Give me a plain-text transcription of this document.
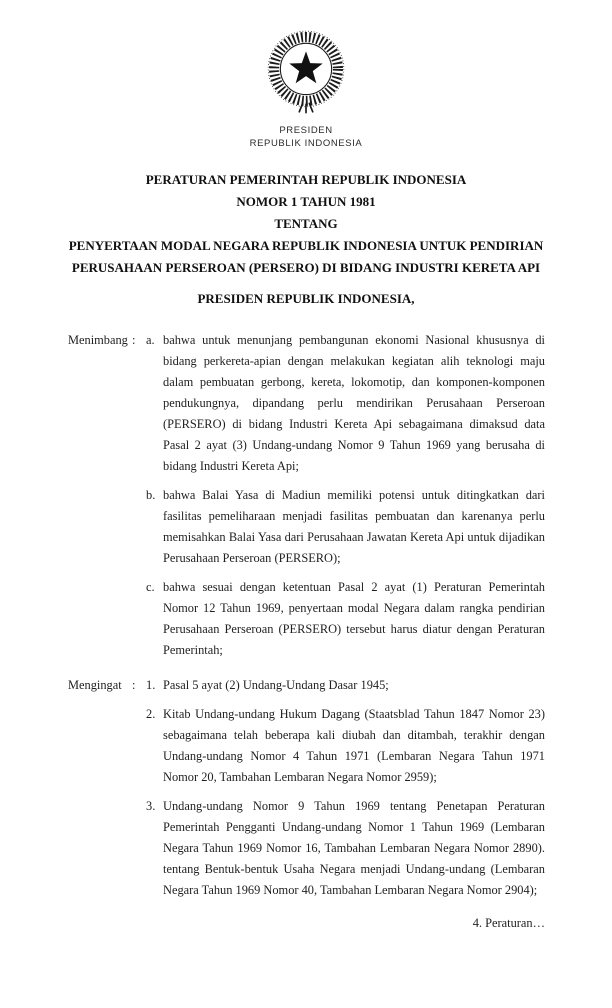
PRESIDEN
REPUBLIK INDONESIA
PERATURAN PEMERINTAH REPUBLIK INDONESIA
NOMOR 1 TAHUN 1981
TENTANG
PENYERTAAN MODAL NEGARA REPUBLIK INDONESIA UNTUK PENDIRIAN
PERUSAHAAN PERSEROAN (PERSERO) DI BIDANG INDUSTRI KERETA API
PRESIDEN REPUBLIK INDONESIA,
Menimbang : a. bahwa untuk menunjang pembangunan ekonomi Nasional khususnya di bidang perkereta-apian dengan melakukan kegiatan alih teknologi maju dalam pembuatan gerbong, kereta, lokomotip, dan komponen-komponen pendukungnya, dipandang perlu mendirikan Perusahaan Perseroan (PERSERO) di bidang Industri Kereta Api sebagaimana dimaksud data Pasal 2 ayat (3) Undang-undang Nomor 9 Tahun 1969 yang berusaha di bidang Industri Kereta Api;
b. bahwa Balai Yasa di Madiun memiliki potensi untuk ditingkatkan dari fasilitas pemeliharaan menjadi fasilitas pembuatan dan karenanya perlu memisahkan Balai Yasa dari Perusahaan Jawatan Kereta Api untuk dijadikan Perusahaan Perseroan (PERSERO);
c. bahwa sesuai dengan ketentuan Pasal 2 ayat (1) Peraturan Pemerintah Nomor 12 Tahun 1969, penyertaan modal Negara dalam rangka pendirian Perusahaan Perseroan (PERSERO) tersebut harus diatur dengan Peraturan Pemerintah;
Mengingat : 1. Pasal 5 ayat (2) Undang-Undang Dasar 1945;
2. Kitab Undang-undang Hukum Dagang (Staatsblad Tahun 1847 Nomor 23) sebagaimana telah beberapa kali diubah dan ditambah, terakhir dengan Undang-undang Nomor 4 Tahun 1971 (Lembaran Negara Tahun 1971 Nomor 20, Tambahan Lembaran Negara Nomor 2959);
3. Undang-undang Nomor 9 Tahun 1969 tentang Penetapan Peraturan Pemerintah Pengganti Undang-undang Nomor 1 Tahun 1969 (Lembaran Negara Tahun 1969 Nomor 16, Tambahan Lembaran Negara Nomor 2890). tentang Bentuk-bentuk Usaha Negara menjadi Undang-undang (Lembaran Negara Tahun 1969 Nomor 40, Tambahan Lembaran Negara Nomor 2904);
4. Peraturan…
